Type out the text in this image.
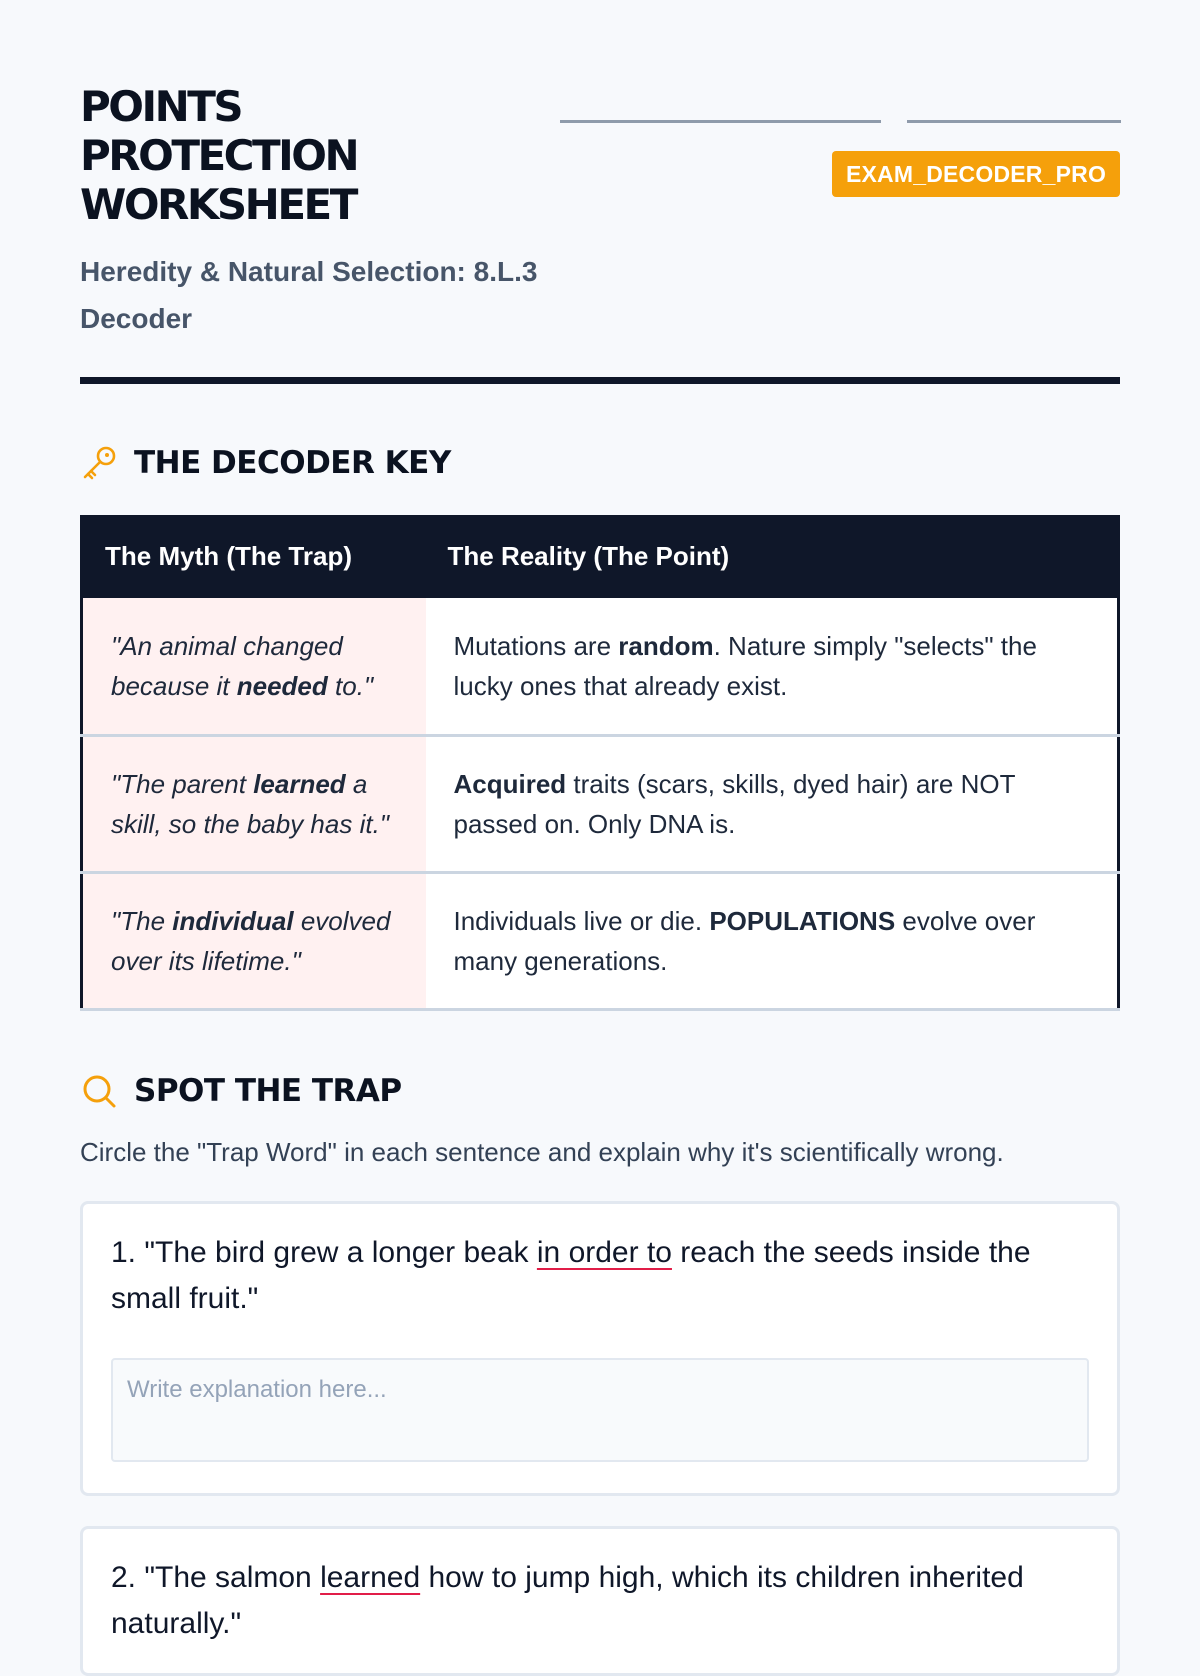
POINTS
PROTECTION
WORKSHEET
Heredity & Natural Selection: 8.L.3 Decoder
EXAM_DECODER_PRO
THE DECODER KEY
The Myth (The Trap)	The Reality (The Point)
"An animal changed because it needed to."	Mutations are random. Nature simply "selects" the lucky ones that already exist.
"The parent learned a skill, so the baby has it."	Acquired traits (scars, skills, dyed hair) are NOT passed on. Only DNA is.
"The individual evolved over its lifetime."	Individuals live or die. POPULATIONS evolve over many generations.
SPOT THE TRAP

Circle the "Trap Word" in each sentence and explain why it's scientifically wrong.

1. "The bird grew a longer beak in order to reach the seeds inside the small fruit."
Write explanation here...
2. "The salmon learned how to jump high, which its children inherited naturally."
